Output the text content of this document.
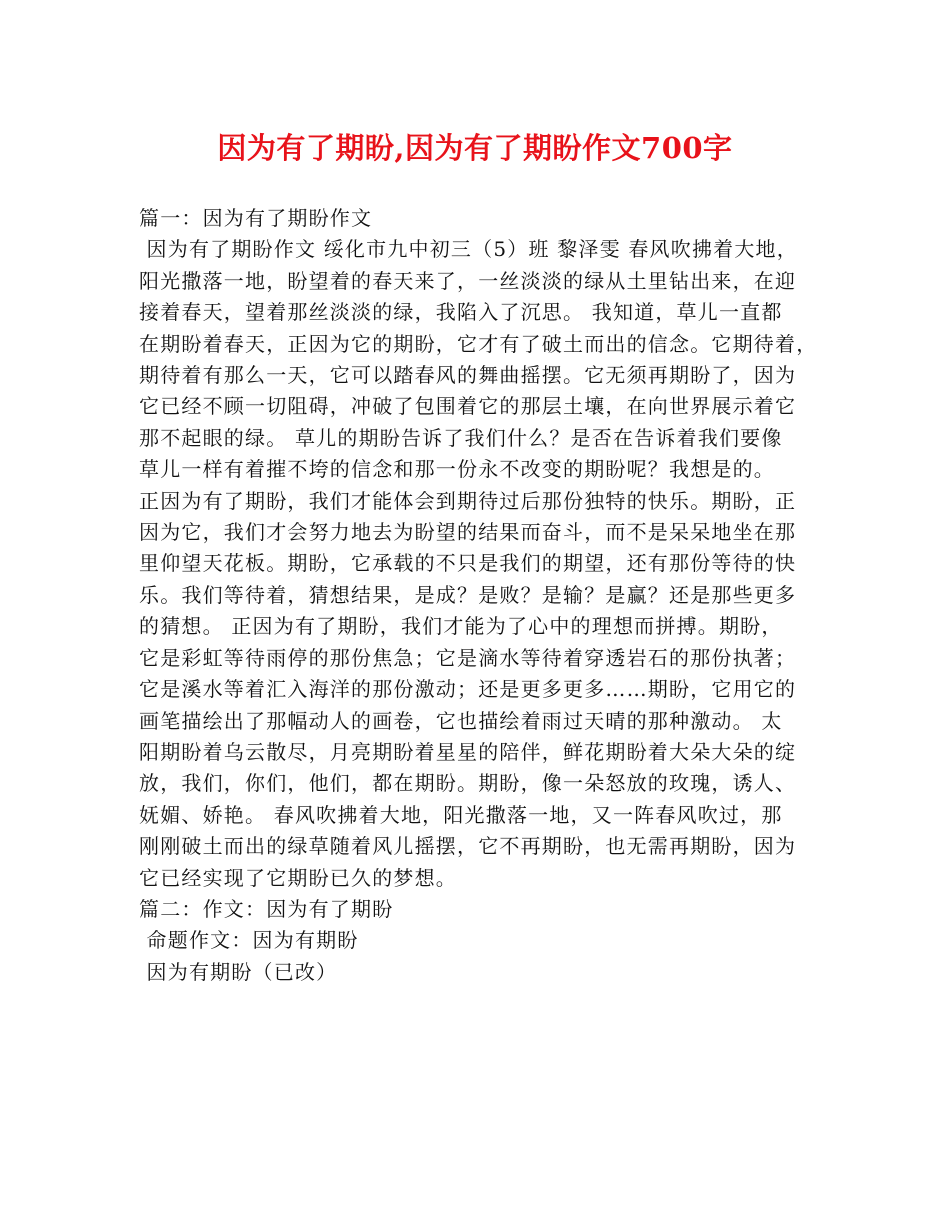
因为有了期盼,因为有了期盼作文700字
篇一：因为有了期盼作文
因为有了期盼作文 绥化市九中初三（5）班 黎泽雯 春风吹拂着大地，
阳光撒落一地，盼望着的春天来了，一丝淡淡的绿从土里钻出来，在迎
接着春天，望着那丝淡淡的绿，我陷入了沉思。 我知道，草儿一直都
在期盼着春天，正因为它的期盼，它才有了破土而出的信念。它期待着，
期待着有那么一天，它可以踏春风的舞曲摇摆。它无须再期盼了，因为
它已经不顾一切阻碍，冲破了包围着它的那层土壤，在向世界展示着它
那不起眼的绿。 草儿的期盼告诉了我们什么？是否在告诉着我们要像
草儿一样有着摧不垮的信念和那一份永不改变的期盼呢？我想是的。
正因为有了期盼，我们才能体会到期待过后那份独特的快乐。期盼，正
因为它，我们才会努力地去为盼望的结果而奋斗，而不是呆呆地坐在那
里仰望天花板。期盼，它承载的不只是我们的期望，还有那份等待的快
乐。我们等待着，猜想结果，是成？是败？是输？是赢？还是那些更多
的猜想。 正因为有了期盼，我们才能为了心中的理想而拼搏。期盼，
它是彩虹等待雨停的那份焦急；它是滴水等待着穿透岩石的那份执著；
它是溪水等着汇入海洋的那份激动；还是更多更多……期盼，它用它的
画笔描绘出了那幅动人的画卷，它也描绘着雨过天晴的那种激动。 太
阳期盼着乌云散尽，月亮期盼着星星的陪伴，鲜花期盼着大朵大朵的绽
放，我们，你们，他们，都在期盼。期盼，像一朵怒放的玫瑰，诱人、
妩媚、娇艳。 春风吹拂着大地，阳光撒落一地，又一阵春风吹过，那
刚刚破土而出的绿草随着风儿摇摆，它不再期盼，也无需再期盼，因为
它已经实现了它期盼已久的梦想。
篇二：作文：因为有了期盼
命题作文：因为有期盼
因为有期盼（已改）
